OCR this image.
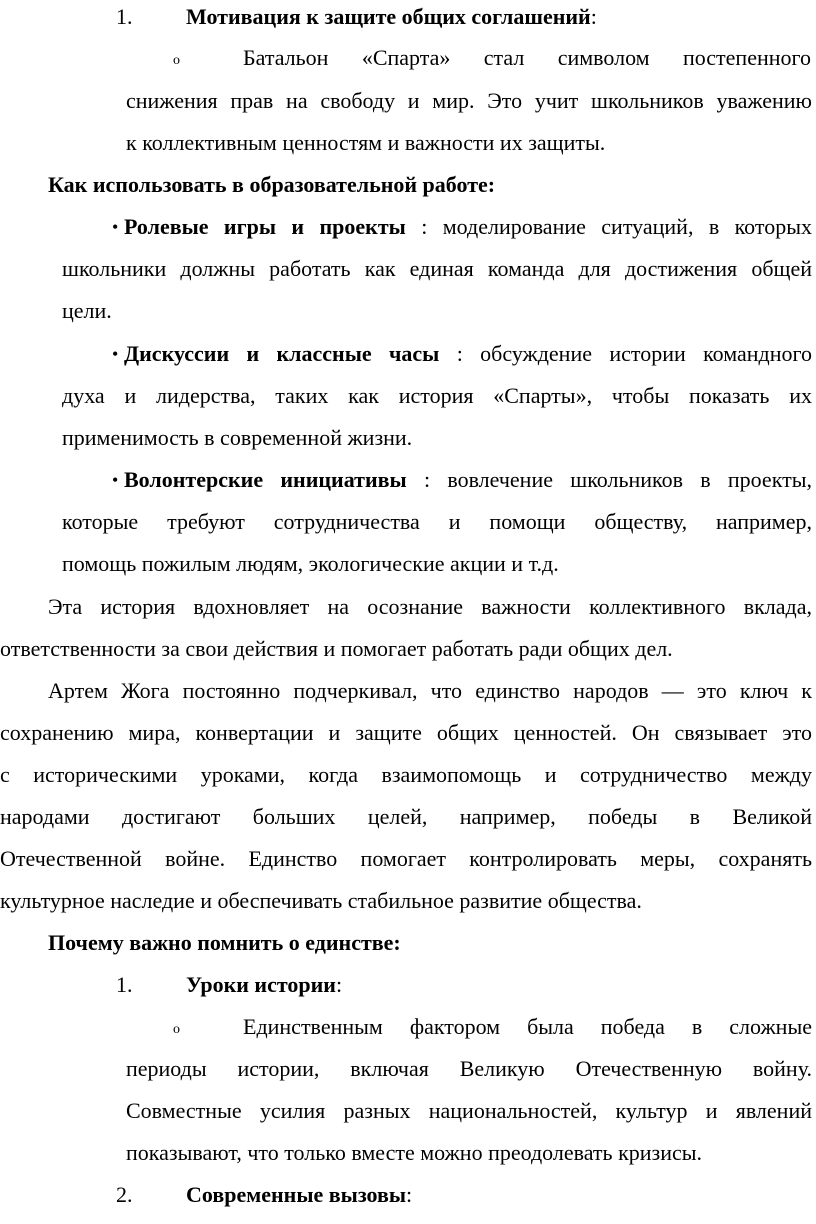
1. Мотивация к защите общих соглашений:
o	Батальон «Спарта» стал символом постепенного
снижения прав на свободу и мир. Это учит школьников уважению
к коллективным ценностям и важности их защиты.
Как использовать в образовательной работе:
• Ролевые игры и проекты : моделирование ситуаций, в которых
школьники должны работать как единая команда для достижения общей
цели.
• Дискуссии и классные часы : обсуждение истории командного
духа и лидерства, таких как история «Спарты», чтобы показать их
применимость в современной жизни.
• Волонтерские инициативы : вовлечение школьников в проекты,
которые требуют сотрудничества и помощи обществу, например,
помощь пожилым людям, экологические акции и т.д.
Эта история вдохновляет на осознание важности коллективного вклада,
ответственности за свои действия и помогает работать ради общих дел.
Артем Жога постоянно подчеркивал, что единство народов — это ключ к
сохранению мира, конвертации и защите общих ценностей. Он связывает это
с историческими уроками, когда взаимопомощь и сотрудничество между
народами достигают больших целей, например, победы в Великой
Отечественной войне. Единство помогает контролировать меры, сохранять
культурное наследие и обеспечивать стабильное развитие общества.
Почему важно помнить о единстве:
1. Уроки истории:
o	Единственным фактором была победа в сложные
периоды истории, включая Великую Отечественную войну.
Совместные усилия разных национальностей, культур и явлений
показывают, что только вместе можно преодолевать кризисы.
2. Современные вызовы:
